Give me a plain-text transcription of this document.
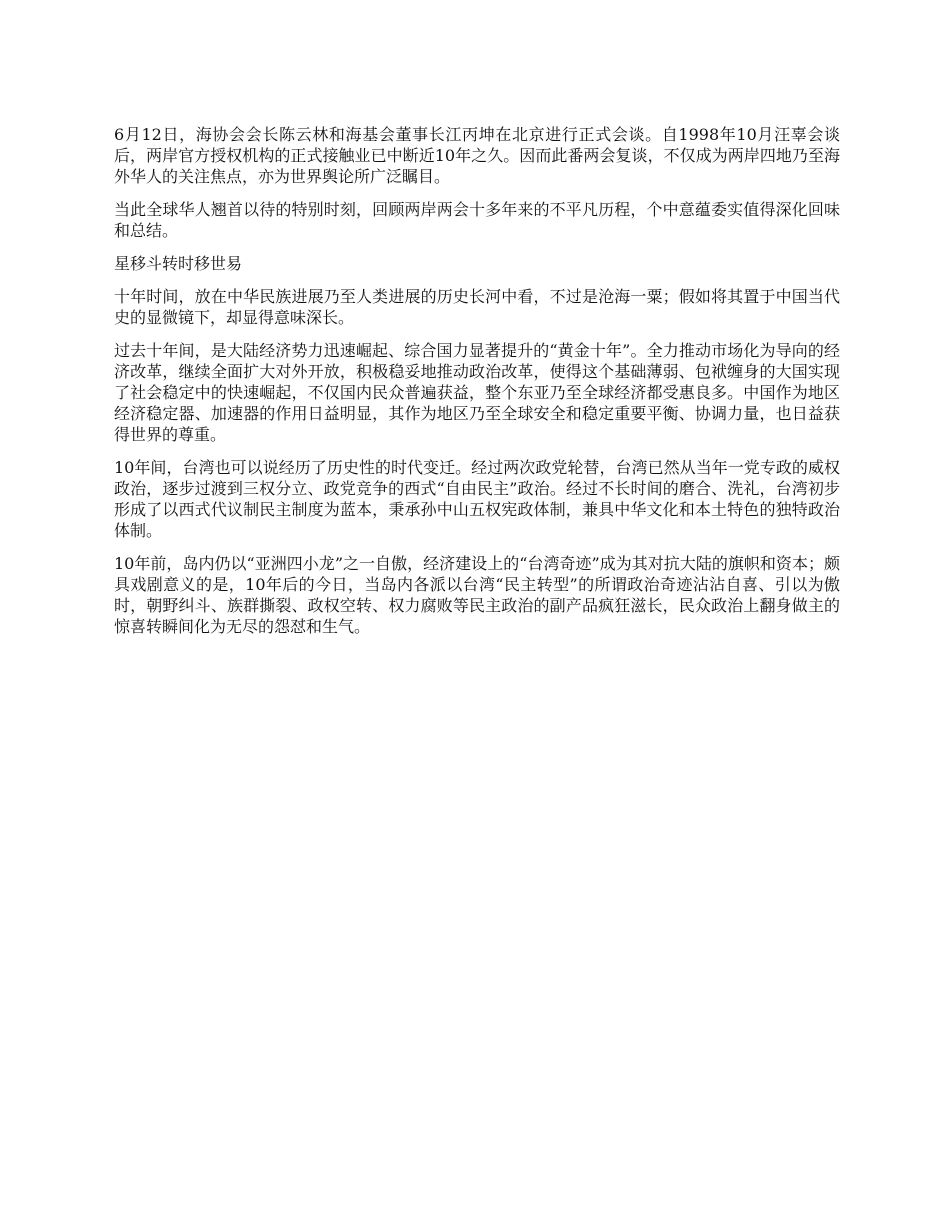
6月12日，海协会会长陈云林和海基会董事长江丙坤在北京进行正式会谈。自1998年10月汪辜会谈后，两岸官方授权机构的正式接触业已中断近10年之久。因而此番两会复谈，不仅成为两岸四地乃至海外华人的关注焦点，亦为世界舆论所广泛瞩目。

当此全球华人翘首以待的特别时刻，回顾两岸两会十多年来的不平凡历程，个中意蕴委实值得深化回味和总结。

星移斗转时移世易

十年时间，放在中华民族进展乃至人类进展的历史长河中看，不过是沧海一粟；假如将其置于中国当代史的显微镜下，却显得意味深长。

过去十年间，是大陆经济势力迅速崛起、综合国力显著提升的“黄金十年”。全力推动市场化为导向的经济改革，继续全面扩大对外开放，积极稳妥地推动政治改革，使得这个基础薄弱、包袱缠身的大国实现了社会稳定中的快速崛起，不仅国内民众普遍获益，整个东亚乃至全球经济都受惠良多。中国作为地区经济稳定器、加速器的作用日益明显，其作为地区乃至全球安全和稳定重要平衡、协调力量，也日益获得世界的尊重。

10年间，台湾也可以说经历了历史性的时代变迁。经过两次政党轮替，台湾已然从当年一党专政的威权政治，逐步过渡到三权分立、政党竞争的西式“自由民主”政治。经过不长时间的磨合、洗礼，台湾初步形成了以西式代议制民主制度为蓝本，秉承孙中山五权宪政体制，兼具中华文化和本土特色的独特政治体制。

10年前，岛内仍以“亚洲四小龙”之一自傲，经济建设上的“台湾奇迹”成为其对抗大陆的旗帜和资本；颇具戏剧意义的是，10年后的今日，当岛内各派以台湾“民主转型”的所谓政治奇迹沾沾自喜、引以为傲时，朝野纠斗、族群撕裂、政权空转、权力腐败等民主政治的副产品疯狂滋长，民众政治上翻身做主的惊喜转瞬间化为无尽的怨怼和生气。
